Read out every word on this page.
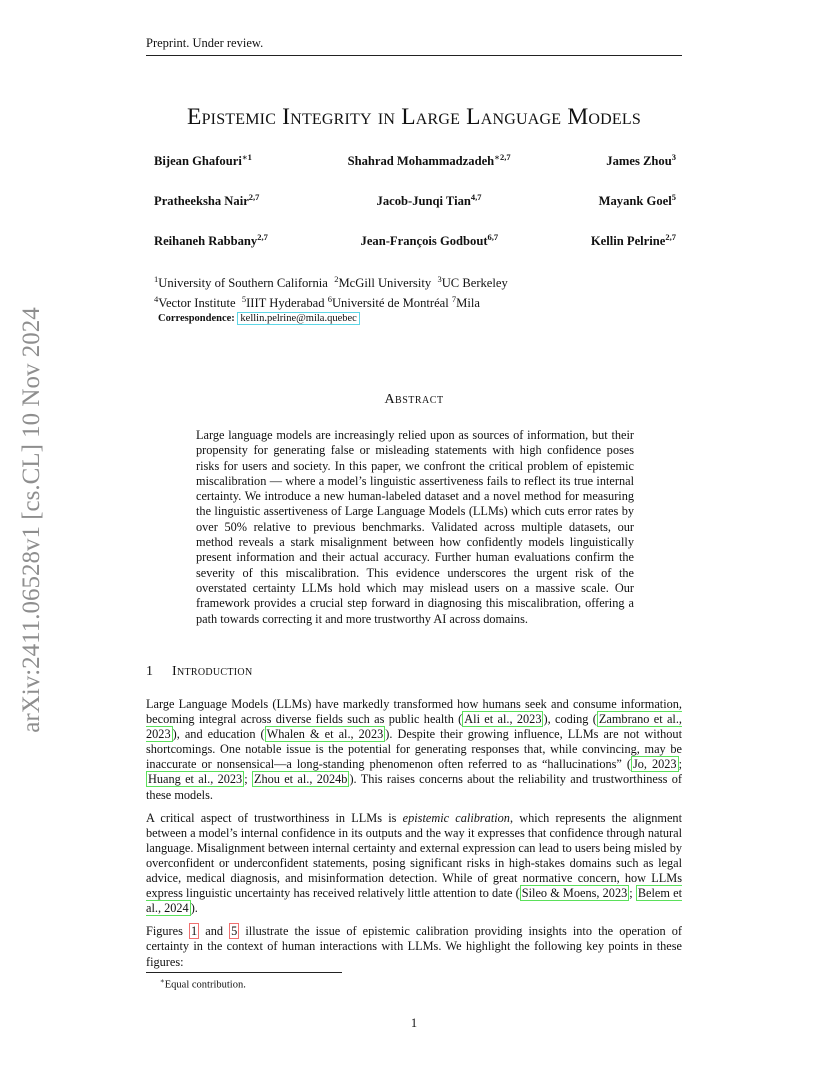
Preprint. Under review.
arXiv:2411.06528v1 [cs.CL] 10 Nov 2024
Epistemic Integrity in Large Language Models
Bijean Ghafouri$^{∗1}$	Shahrad Mohammadzadeh$^{∗2,7}$	James Zhou$^3$
Pratheeksha Nair$^{2,7}$	Jacob-Junqi Tian$^{4,7}$	Mayank Goel$^5$
Reihaneh Rabbany$^{2,7}$	Jean-François Godbout$^{6,7}$	Kellin Pelrine$^{2,7}$
$^1$University of Southern California $^2$McGill University $^3$UC Berkeley
$^4$Vector Institute $^5$IIIT Hyderabad $^6$Université de Montréal $^7$Mila
Correspondence: kellin.pelrine@mila.quebec
Abstract
Large language models are increasingly relied upon as sources of information, but their propensity for generating false or misleading statements with high confidence poses risks for users and society. In this paper, we confront the critical problem of epistemic miscalibration — where a model’s linguistic assertiveness fails to reflect its true internal certainty. We introduce a new human-labeled dataset and a novel method for measuring the linguistic assertiveness of Large Language Models (LLMs) which cuts error rates by over 50% relative to previous benchmarks. Validated across multiple datasets, our method reveals a stark misalignment between how confidently models linguistically present information and their actual accuracy. Further human evaluations confirm the severity of this miscalibration. This evidence underscores the urgent risk of the overstated certainty LLMs hold which may mislead users on a massive scale. Our framework provides a crucial step forward in diagnosing this miscalibration, offering a path towards correcting it and more trustworthy AI across domains.
1 Introduction

Large Language Models (LLMs) have markedly transformed how humans seek and consume information, becoming integral across diverse fields such as public health ( Ali et al., 2023 ), coding ( Zambrano et al., 2023 ), and education ( Whalen & et al., 2023 ). Despite their growing influence, LLMs are not without shortcomings. One notable issue is the potential for generating responses that, while convincing, may be inaccurate or nonsensical—a long-standing phenomenon often referred to as “hallucinations” ( Jo, 2023 ; Huang et al., 2023 ; Zhou et al., 2024b ). This raises concerns about the reliability and trustworthiness of these models.

A critical aspect of trustworthiness in LLMs is epistemic calibration, which represents the alignment between a model’s internal confidence in its outputs and the way it expresses that confidence through natural language. Misalignment between internal certainty and external expression can lead to users being misled by overconfident or underconfident statements, posing significant risks in high-stakes domains such as legal advice, medical diagnosis, and misinformation detection. While of great normative concern, how LLMs express linguistic uncertainty has received relatively little attention to date ( Sileo & Moens, 2023 ; Belem et al., 2024 ).

Figures 1 and 5 illustrate the issue of epistemic calibration providing insights into the operation of certainty in the context of human interactions with LLMs. We highlight the following key points in these figures:

∗Equal contribution.
1
